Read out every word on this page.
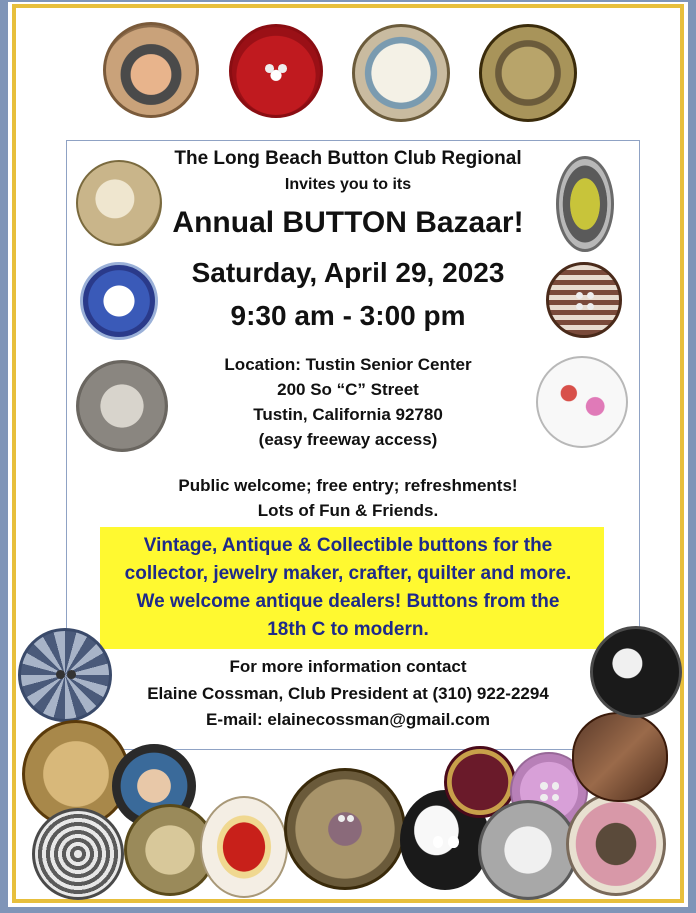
The Long Beach Button Club Regional
Invites you to its
Annual BUTTON Bazaar!
Saturday, April 29, 2023
9:30 am - 3:00 pm
Location: Tustin Senior Center
200 So “C” Street
Tustin, California 92780
(easy freeway access)
Public welcome; free entry; refreshments!
Lots of Fun & Friends.
Vintage, Antique & Collectible buttons for the
collector, jewelry maker, crafter, quilter and more.
We welcome antique dealers! Buttons from the
18th C to modern.
For more information contact
Elaine Cossman, Club President at (310) 922-2294
E-mail: elainecossman@gmail.com
